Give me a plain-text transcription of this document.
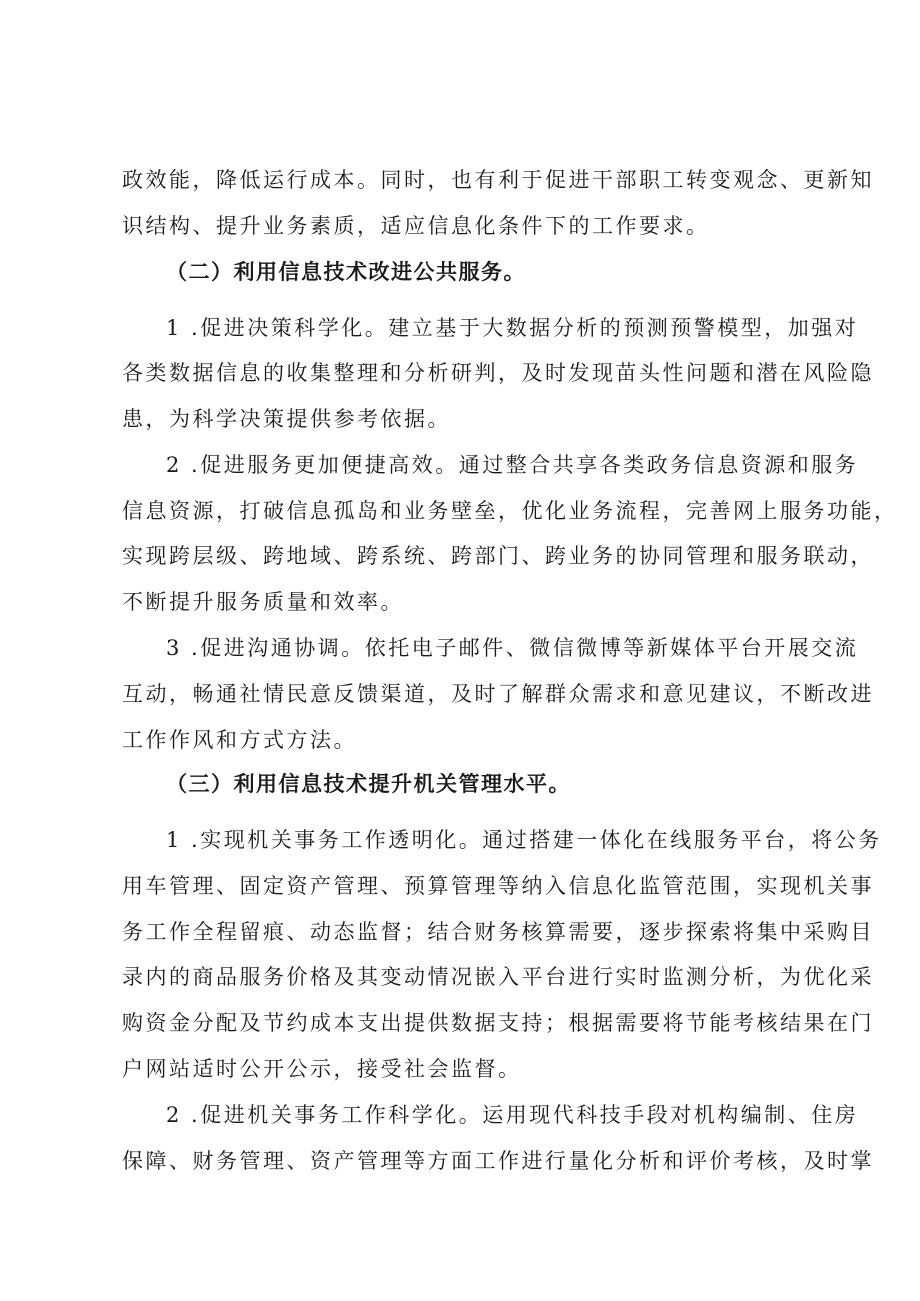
政效能，降低运行成本。同时，也有利于促进干部职工转变观念、更新知
识结构、提升业务素质，适应信息化条件下的工作要求。
（二）利用信息技术改进公共服务。
1 .促进决策科学化。建立基于大数据分析的预测预警模型，加强对
各类数据信息的收集整理和分析研判，及时发现苗头性问题和潜在风险隐
患，为科学决策提供参考依据。
2 .促进服务更加便捷高效。通过整合共享各类政务信息资源和服务
信息资源，打破信息孤岛和业务壁垒，优化业务流程，完善网上服务功能，
实现跨层级、跨地域、跨系统、跨部门、跨业务的协同管理和服务联动，
不断提升服务质量和效率。
3 .促进沟通协调。依托电子邮件、微信微博等新媒体平台开展交流
互动，畅通社情民意反馈渠道，及时了解群众需求和意见建议，不断改进
工作作风和方式方法。
（三）利用信息技术提升机关管理水平。
1 .实现机关事务工作透明化。通过搭建一体化在线服务平台，将公务
用车管理、固定资产管理、预算管理等纳入信息化监管范围，实现机关事
务工作全程留痕、动态监督；结合财务核算需要，逐步探索将集中采购目
录内的商品服务价格及其变动情况嵌入平台进行实时监测分析，为优化采
购资金分配及节约成本支出提供数据支持；根据需要将节能考核结果在门
户网站适时公开公示，接受社会监督。
2 .促进机关事务工作科学化。运用现代科技手段对机构编制、住房
保障、财务管理、资产管理等方面工作进行量化分析和评价考核，及时掌
